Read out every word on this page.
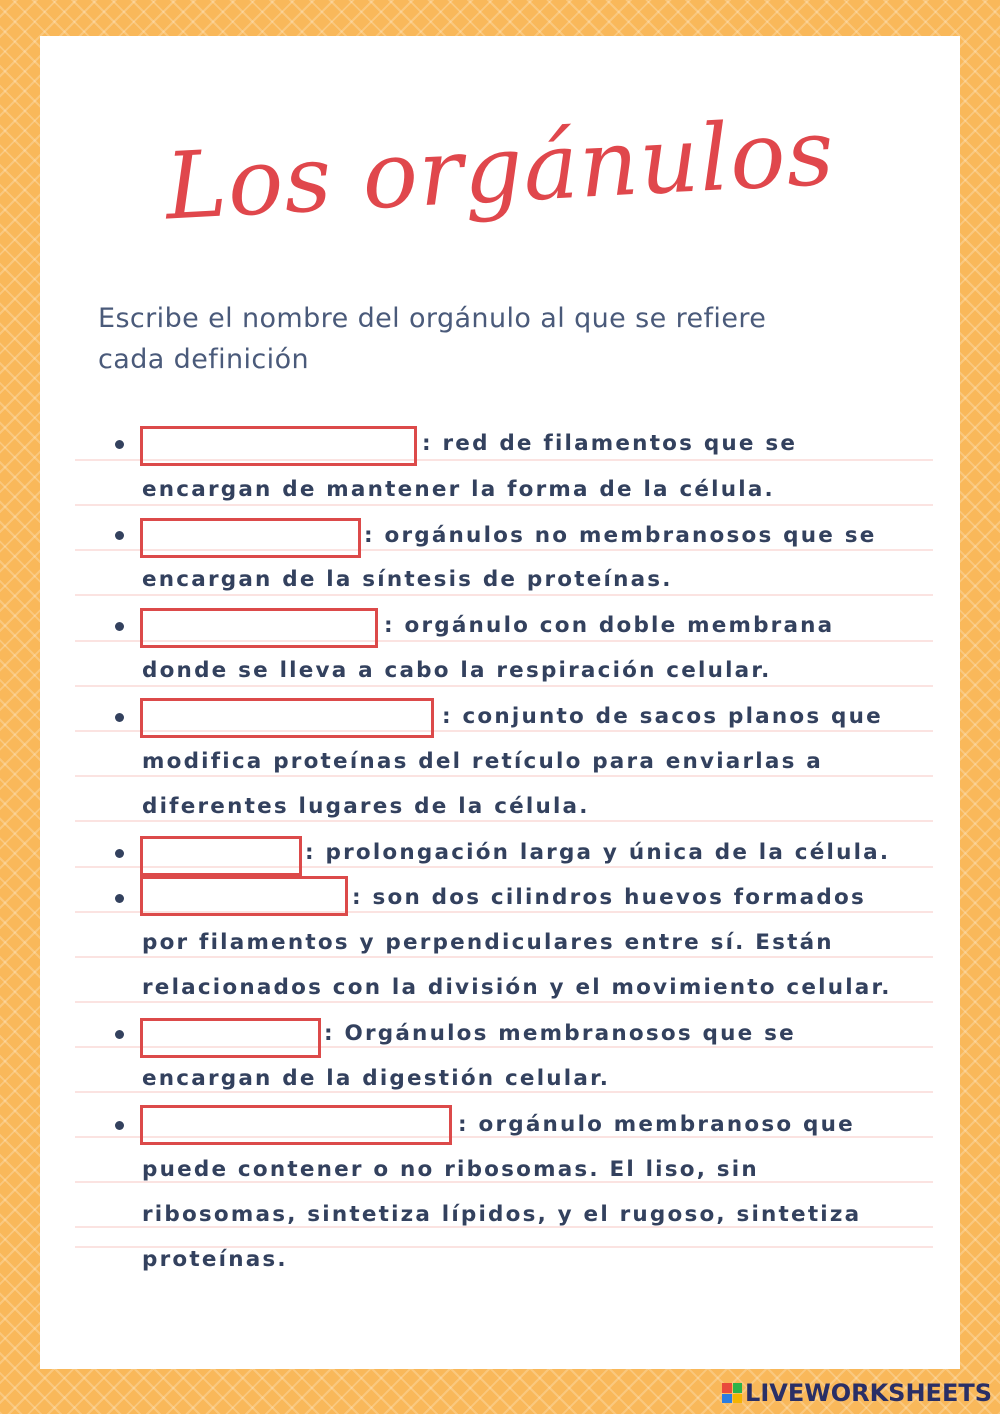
Los orgánulos
Escribe el nombre del orgánulo al que se refiere
cada definición
: red de filamentos que se
encargan de mantener la forma de la célula.
: orgánulos no membranosos que se
encargan de la síntesis de proteínas.
: orgánulo con doble membrana
donde se lleva a cabo la respiración celular.
: conjunto de sacos planos que
modifica proteínas del retículo para enviarlas a
diferentes lugares de la célula.
: prolongación larga y única de la célula.
: son dos cilindros huevos formados
por filamentos y perpendiculares entre sí. Están
relacionados con la división y el movimiento celular.
: Orgánulos membranosos que se
encargan de la digestión celular.
: orgánulo membranoso que
puede contener o no ribosomas. El liso, sin
ribosomas, sintetiza lípidos, y el rugoso, sintetiza
proteínas.
LIVEWORKSHEETS
